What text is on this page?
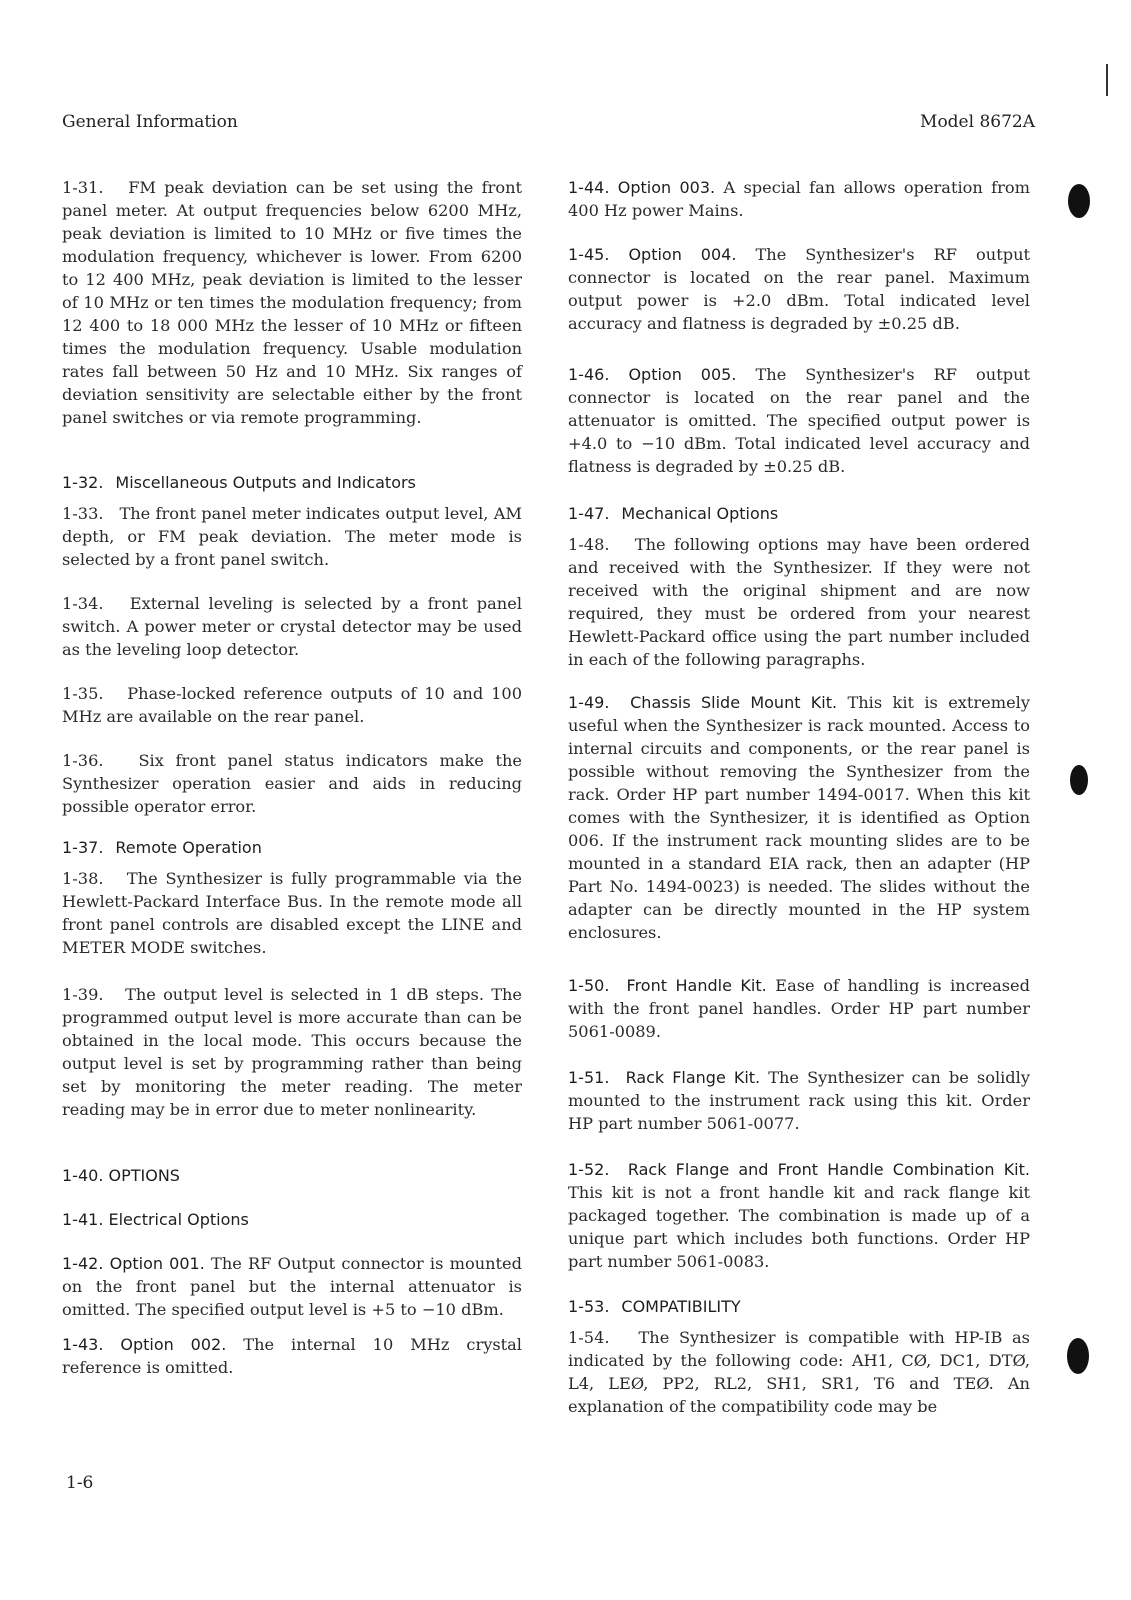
General Information	Model 8672A

1-31. FM peak deviation can be set using the front panel meter. At output frequencies below 6200 MHz, peak deviation is limited to 10 MHz or five times the modulation frequency, whichever is lower. From 6200 to 12 400 MHz, peak deviation is limited to the lesser of 10 MHz or ten times the modulation frequency; from 12 400 to 18 000 MHz the lesser of 10 MHz or fifteen times the modulation frequency. Usable modulation rates fall between 50 Hz and 10 MHz. Six ranges of deviation sensitivity are selectable either by the front panel switches or via remote programming.

1-32. Miscellaneous Outputs and Indicators

1-33. The front panel meter indicates output level, AM depth, or FM peak deviation. The meter mode is selected by a front panel switch.

1-34. External leveling is selected by a front panel switch. A power meter or crystal detector may be used as the leveling loop detector.

1-35. Phase-locked reference outputs of 10 and 100 MHz are available on the rear panel.

1-36. Six front panel status indicators make the Synthesizer operation easier and aids in reducing possible operator error.

1-37. Remote Operation

1-38. The Synthesizer is fully programmable via the Hewlett-Packard Interface Bus. In the remote mode all front panel controls are disabled except the LINE and METER MODE switches.

1-39. The output level is selected in 1 dB steps. The programmed output level is more accurate than can be obtained in the local mode. This occurs because the output level is set by programming rather than being set by monitoring the meter reading. The meter reading may be in error due to meter nonlinearity.

1-40. OPTIONS

1-41. Electrical Options

1-42. Option 001. The RF Output connector is mounted on the front panel but the internal attenuator is omitted. The specified output level is +5 to −10 dBm.

1-43. Option 002. The internal 10 MHz crystal reference is omitted.

1-44. Option 003. A special fan allows operation from 400 Hz power Mains.

1-45. Option 004. The Synthesizer's RF output connector is located on the rear panel. Maximum output power is +2.0 dBm. Total indicated level accuracy and flatness is degraded by ±0.25 dB.

1-46. Option 005. The Synthesizer's RF output connector is located on the rear panel and the attenuator is omitted. The specified output power is +4.0 to −10 dBm. Total indicated level accuracy and flatness is degraded by ±0.25 dB.

1-47. Mechanical Options

1-48. The following options may have been ordered and received with the Synthesizer. If they were not received with the original shipment and are now required, they must be ordered from your nearest Hewlett-Packard office using the part number included in each of the following paragraphs.

1-49. Chassis Slide Mount Kit. This kit is extremely useful when the Synthesizer is rack mounted. Access to internal circuits and components, or the rear panel is possible without removing the Synthesizer from the rack. Order HP part number 1494-0017. When this kit comes with the Synthesizer, it is identified as Option 006. If the instrument rack mounting slides are to be mounted in a standard EIA rack, then an adapter (HP Part No. 1494-0023) is needed. The slides without the adapter can be directly mounted in the HP system enclosures.

1-50. Front Handle Kit. Ease of handling is increased with the front panel handles. Order HP part number 5061-0089.

1-51. Rack Flange Kit. The Synthesizer can be solidly mounted to the instrument rack using this kit. Order HP part number 5061-0077.

1-52. Rack Flange and Front Handle Combination Kit. This kit is not a front handle kit and rack flange kit packaged together. The combination is made up of a unique part which includes both functions. Order HP part number 5061-0083.

1-53. COMPATIBILITY

1-54. The Synthesizer is compatible with HP-IB as indicated by the following code: AH1, CØ, DC1, DTØ, L4, LEØ, PP2, RL2, SH1, SR1, T6 and TEØ. An explanation of the compatibility code may be

1-6
